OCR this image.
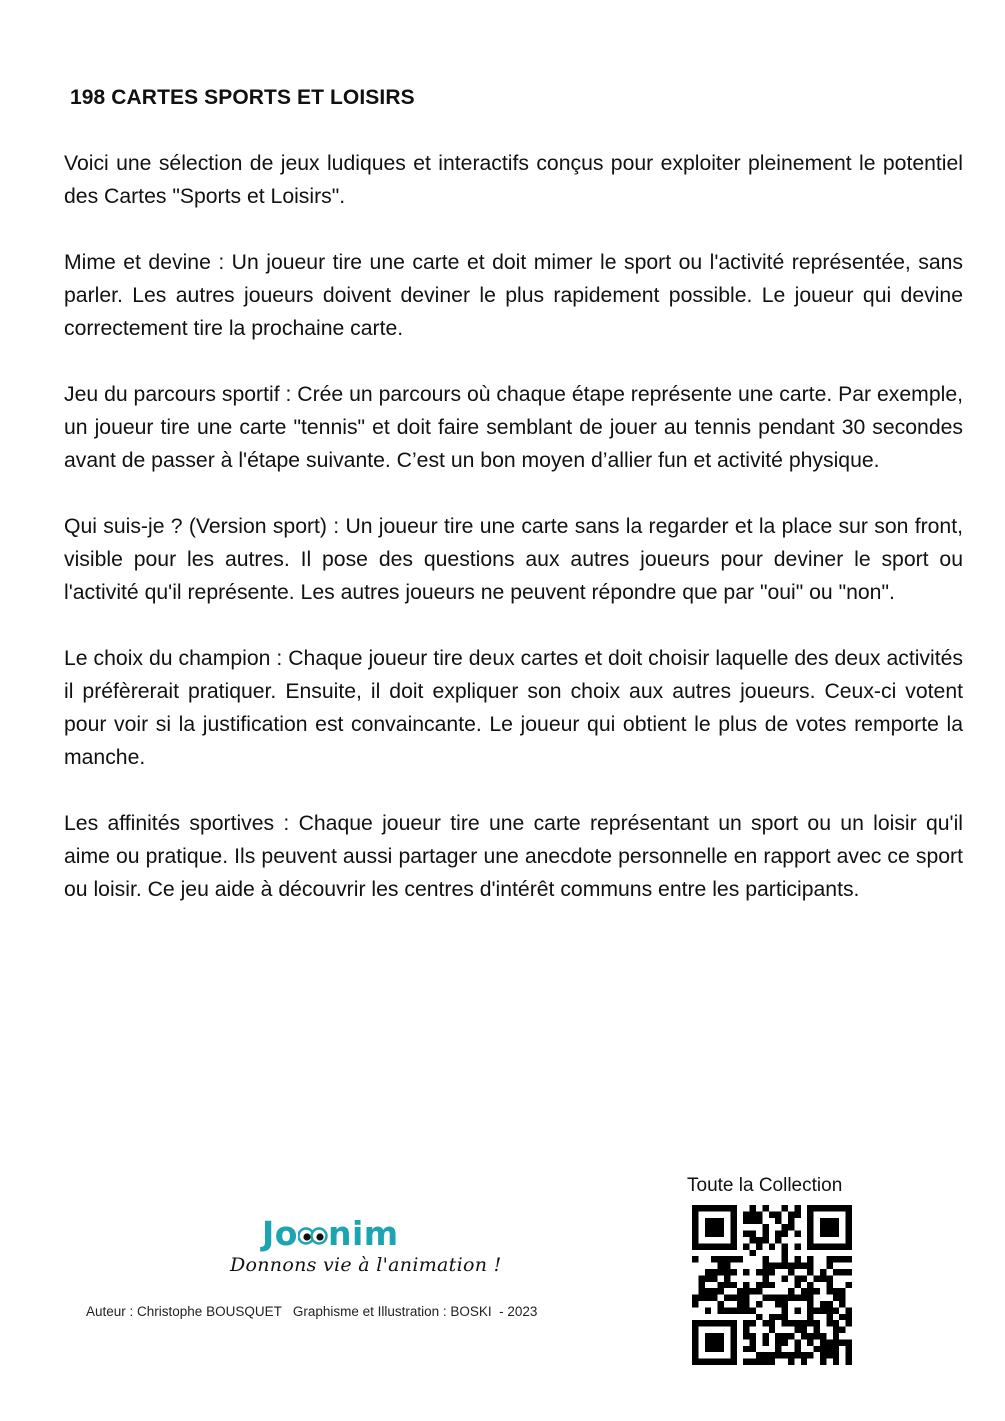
198 CARTES SPORTS ET LOISIRS

Voici une sélection de jeux ludiques et interactifs conçus pour exploiter pleinement le potentiel des Cartes "Sports et Loisirs".

Mime et devine : Un joueur tire une carte et doit mimer le sport ou l'activité représentée, sans parler. Les autres joueurs doivent deviner le plus rapidement possible. Le joueur qui devine correctement tire la prochaine carte.

Jeu du parcours sportif : Crée un parcours où chaque étape représente une carte. Par exemple, un joueur tire une carte "tennis" et doit faire semblant de jouer au tennis pendant 30 secondes avant de passer à l'étape suivante. C’est un bon moyen d’allier fun et activité physique.

Qui suis-je ? (Version sport) : Un joueur tire une carte sans la regarder et la place sur son front, visible pour les autres. Il pose des questions aux autres joueurs pour deviner le sport ou l'activité qu'il représente. Les autres joueurs ne peuvent répondre que par "oui" ou "non".

Le choix du champion : Chaque joueur tire deux cartes et doit choisir laquelle des deux activités il préfèrerait pratiquer. Ensuite, il doit expliquer son choix aux autres joueurs. Ceux-ci votent pour voir si la justification est convaincante. Le joueur qui obtient le plus de votes remporte la manche.

Les affinités sportives : Chaque joueur tire une carte représentant un sport ou un loisir qu'il aime ou pratique. Ils peuvent aussi partager une anecdote personnelle en rapport avec ce sport ou loisir. Ce jeu aide à découvrir les centres d'intérêt communs entre les participants.

Jo nim
Donnons vie à l'animation !
Auteur : Christophe BOUSQUET   Graphisme et Illustration : BOSKI  - 2023
Toute la Collection
